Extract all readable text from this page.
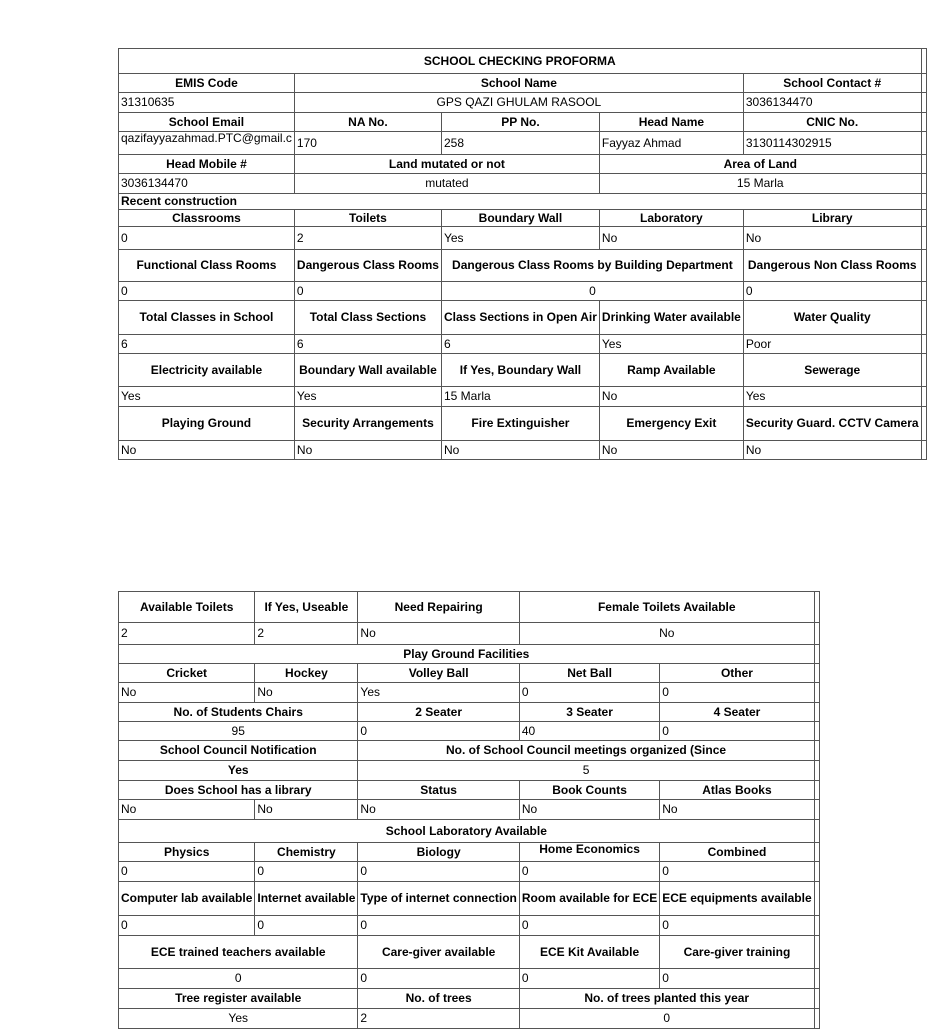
SCHOOL CHECKING PROFORMA					
EMIS Code	School Name			School Contact #	
31310635	GPS QAZI GHULAM RASOOL			3036134470	
School Email	NA No.	PP No.	Head Name	CNIC No.	

qazifayyazahmad.PTC@gmail.c	170	258	Fayyaz Ahmad	3130114302915	
Head Mobile #	Land mutated or not		Area of Land		
3036134470	mutated		15 Marla		
Recent construction					
Classrooms	Toilets	Boundary Wall	Laboratory	Library	
0	2	Yes	No	No	
Functional Class Rooms	Dangerous Class Rooms	Dangerous Class Rooms by Building Department		Dangerous Non Class Rooms	
0	0	0		0	
Total Classes in School	Total Class Sections	Class Sections in Open Air	Drinking Water available	Water Quality	
6	6	6	Yes	Poor	
Electricity available	Boundary Wall available	If Yes, Boundary Wall	Ramp Available	Sewerage	
Yes	Yes	15 Marla	No	Yes	
Playing Ground	Security Arrangements	Fire Extinguisher	Emergency Exit	Security Guard. CCTV Camera	
No	No	No	No	No	
Available Toilets	If Yes, Useable	Need Repairing	Female Toilets Available		
2	2	No	No		
Play Ground Facilities					
Cricket	Hockey	Volley Ball	Net Ball	Other	
No	No	Yes	0	0	
No. of Students Chairs		2 Seater	3 Seater	4 Seater	
95		0	40	0	
School Council Notification		No. of School Council meetings organized (Since			
Yes		5			
Does School has a library		Status	Book Counts	Atlas Books	
No	No	No	No	No	
School Laboratory Available					
Physics	Chemistry	Biology	Home Economics	Combined	
0	0	0	0	0	
Computer lab available	Internet available	Type of internet connection	Room available for ECE	ECE equipments available	
0	0	0	0	0	
ECE trained teachers available		Care-giver available	ECE Kit Available	Care-giver training	
0		0	0	0	
Tree register available		No. of trees	No. of trees planted this year		
Yes		2	0		
